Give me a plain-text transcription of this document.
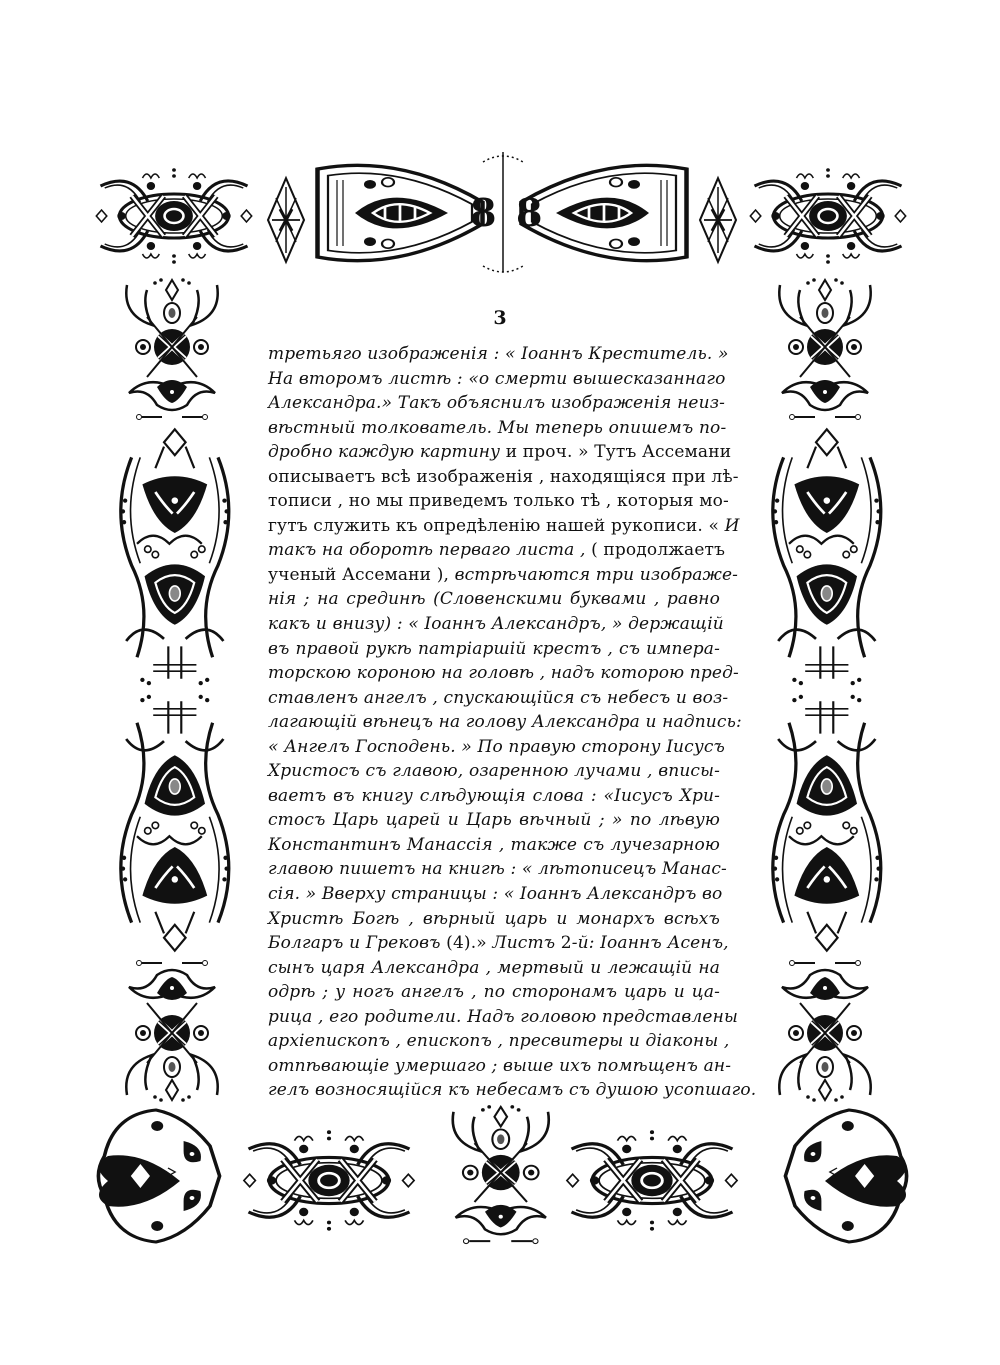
8 8
3
третьяго изображенія : « Іоаннъ Креститель. »
На второмъ листѣ : «о смерти вышесказаннаго
Александра.» Такъ объяснилъ изображенія неиз-
вѣстный толкователь. Мы теперь опишемъ по-
дробно каждую картину и проч. » Тутъ Ассемани
описываетъ всѣ изображенія , находящіяся при лѣ-
тописи , но мы приведемъ только тѣ , которыя мо-
гутъ служить къ опредѣленію нашей рукописи. « И
такъ на оборотѣ перваго листа , ( продолжаетъ
ученый Ассемани ), встрѣчаются три изображе-
нія ; на срединѣ (Словенскими буквами , равно
какъ и внизу) : « Іоаннъ Александръ, » держащій
въ правой рукѣ патріаршій крестъ , съ импера-
торскою короною на головѣ , надъ которою пред-
ставленъ ангелъ , спускающійся съ небесъ и воз-
лагающій вѣнецъ на голову Александра и надпись:
« Ангелъ Господень. » По правую сторону Іисусъ
Христосъ съ главою, озаренною лучами , вписы-
ваетъ въ книгу слѣдующія слова : «Іисусъ Хри-
стосъ Царь царей и Царь вѣчный ; » по лѣвую
Константинъ Манассія , также съ лучезарною
главою пишетъ на книгѣ : « лѣтописецъ Манас-
сія. » Вверху страницы : « Іоаннъ Александръ во
Христѣ Богѣ , вѣрный царь и монархъ всѣхъ
Болгаръ и Грековъ (4).» Листъ 2-й: Іоаннъ Асенъ,
сынъ царя Александра , мертвый и лежащій на
одрѣ ; у ногъ ангелъ , по сторонамъ царь и ца-
рица , его родители. Надъ головою представлены
архіепископъ , епископъ , пресвитеры и діаконы ,
отпѣвающіе умершаго ; выше ихъ помѣщенъ ан-
гелъ возносящійся къ небесамъ съ душою усопшаго.
